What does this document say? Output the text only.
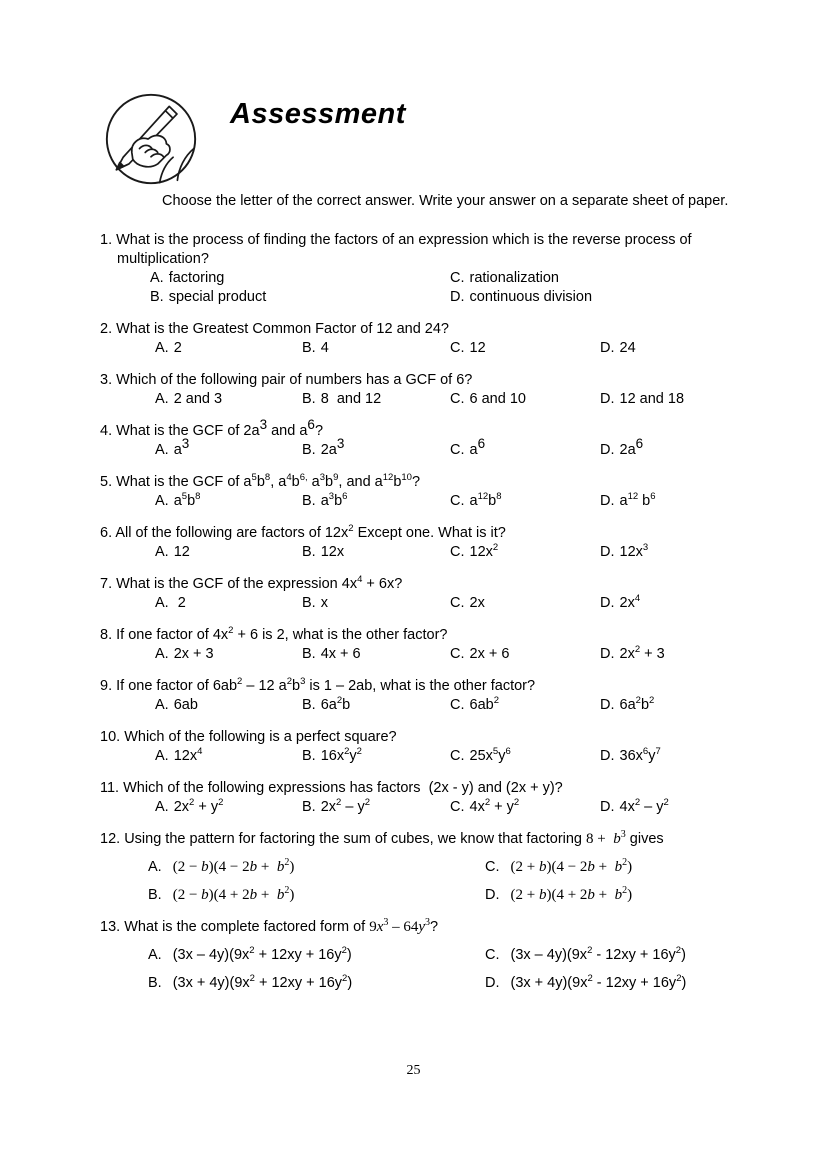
Assessment

Choose the letter of the correct answer. Write your answer on a separate sheet of paper.

1. What is the process of finding the factors of an expression which is the reverse process of multiplication?

A. factoring	C. rationalization
B. special product	D. continuous division

2. What is the Greatest Common Factor of 12 and 24?

A. 2	B. 4	C. 12	D. 24

3. Which of the following pair of numbers has a GCF of 6?

A. 2 and 3	B. 8  and 12	C. 6 and 10	D. 12 and 18

4. What is the GCF of $2a^3$ and $a^6$?

A. $a^3$	B. $2a^3$	C. $a^6$	D. $2a^6$

5. What is the GCF of $a^5b^8$, $a^4b^{6,}$ $a^3b^9$, and $a^{12}b^{10}$?

A. $a^5b^8$	B. $a^3b^6$	C. $a^{12}b^8$	D. $a^{12}$ $b^6$

6. All of the following are factors of $12x^2$ Except one. What is it?

A. 12	B. 12x	C. $12x^2$	D. $12x^3$

7. What is the GCF of the expression $4x^4 + 6x$?

A. 2	B. x	C. 2x	D. $2x^4$

8. If one factor of $4x^2 + 6$ is 2, what is the other factor?

A. 2x + 3	B. 4x + 6	C. 2x + 6	D. $2x^2 + 3$

9. If one factor of $6ab^2 - 12$ $a^2b^3$ is 1 – 2ab, what is the other factor?

A. 6ab	B. $6a^2b$	C. $6ab^2$	D. $6a^2b^2$

10. Which of the following is a perfect square?

A. $12x^4$	B. $16x^2y^2$	C. $25x^5y^6$	D. $36x^6y^7$

11. Which of the following expressions has factors  (2x - y) and (2x + y)?

A. $2x^2 + y^2$	B. $2x^2 - y^2$	C. $4x^2 + y^2$	D. $4x^2 - y^2$

12. Using the pattern for factoring the sum of cubes, we know that factoring $8 + b^3$ gives

A. $(2 - b)(4 - 2b + b^2)$	C. $(2 + b)(4 - 2b + b^2)$
B. $(2 - b)(4 + 2b + b^2)$	D. $(2 + b)(4 + 2b + b^2)$

13. What is the complete factored form of $9x^3 - 64y^3$?

A. $(3x - 4y)(9x^2 + 12xy + 16y^2)$	C. $(3x - 4y)(9x^2 - 12xy + 16y^2)$
B. $(3x + 4y)(9x^2 + 12xy + 16y^2)$	D. $(3x + 4y)(9x^2 - 12xy + 16y^2)$
25
